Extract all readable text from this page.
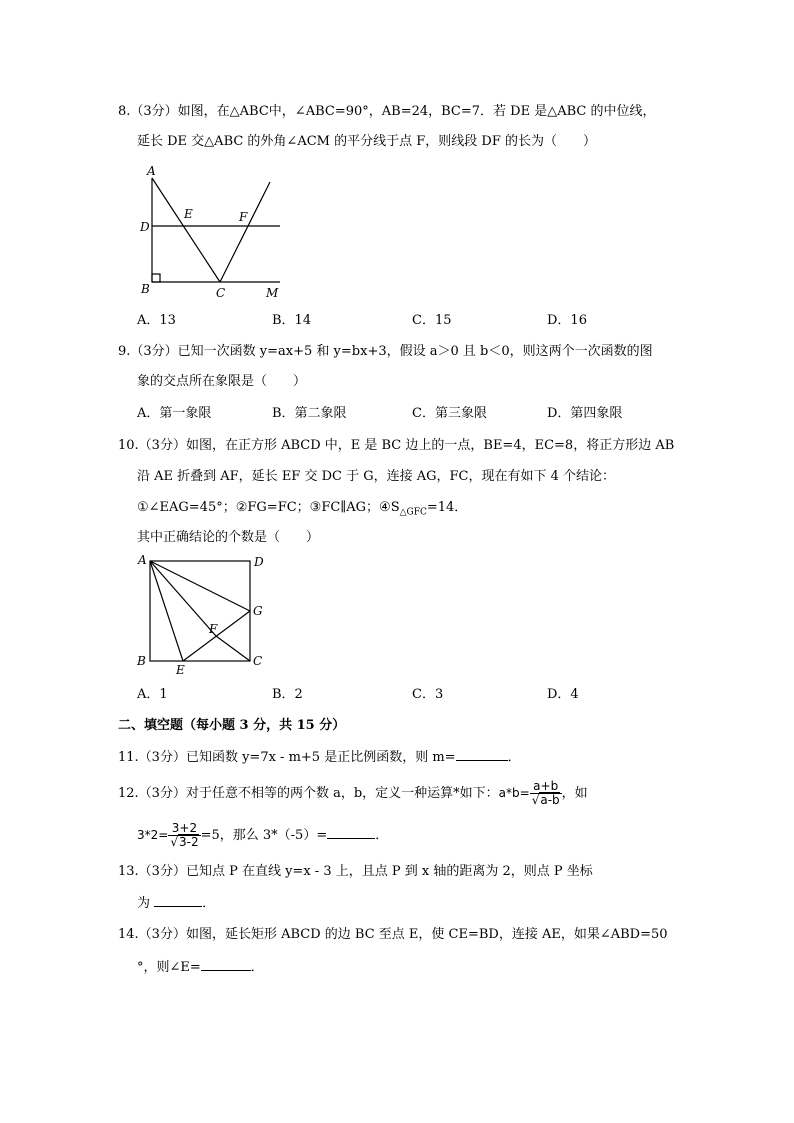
8.（3分）如图，在△ABC中，∠ABC=90°，AB=24，BC=7．若 DE 是△ABC 的中位线，
延长 DE 交△ABC 的外角∠ACM 的平分线于点 F，则线段 DF 的长为（　　）
A
D
E	F
B	C	M
A．13	B．14	C．15	D．16
9.（3分）已知一次函数 y=ax+5 和 y=bx+3，假设 a＞0 且 b＜0，则这两个一次函数的图
象的交点所在象限是（　　）
A．第一象限	B．第二象限	C．第三象限	D．第四象限
10.（3分）如图，在正方形 ABCD 中，E 是 BC 边上的一点，BE=4，EC=8，将正方形边 AB
沿 AE 折叠到 AF，延长 EF 交 DC 于 G，连接 AG，FC，现在有如下 4 个结论：
①∠EAG=45°；②FG=FC；③FC∥AG；$④S_{\triangle GFC}=14$．
其中正确结论的个数是（　　）
A	D
G
F
B
E
C
A．1	B．2	C．3	D．4
二、填空题（每小题 3 分，共 15 分）
11.（3分）已知函数 y=7x - m+5 是正比例函数，则 m=	．
12.（3分）对于任意不相等的两个数 a，b，定义一种运算*如下：$a*b= \frac{a+b}{√a-b}$ ，如
$3*2= \frac{3+2}{√3-2} =5$，那么 3*（-5）=	．
13.（3分）已知点 P 在直线 y=x - 3 上，且点 P 到 x 轴的距离为 2，则点 P 坐标
为	．
14.（3分）如图，延长矩形 ABCD 的边 BC 至点 E，使 CE=BD，连接 AE，如果∠ABD=50
°，则∠E=	．
